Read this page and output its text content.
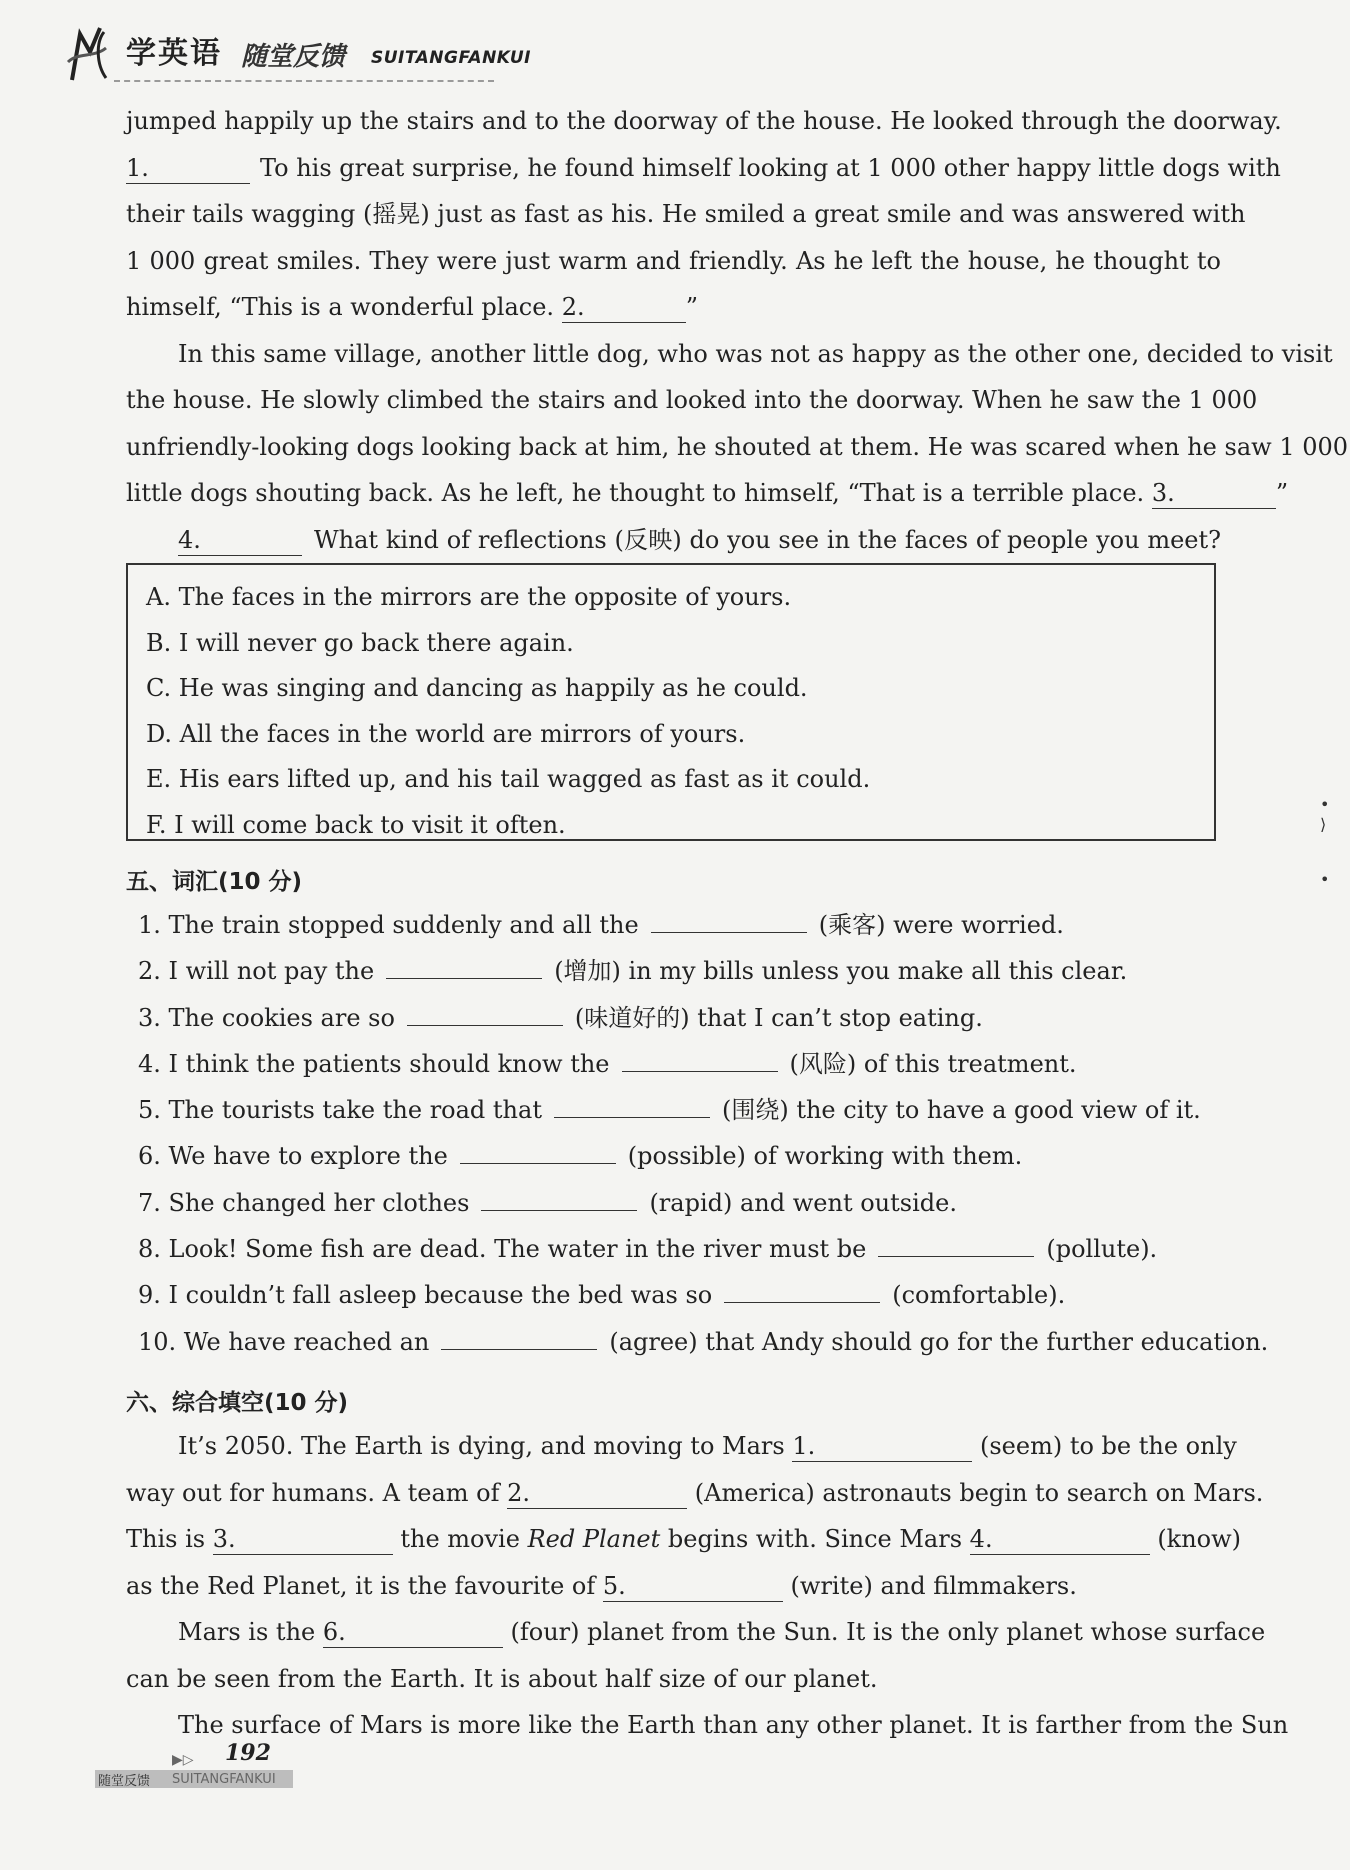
学英语 随堂反馈 SUITANGFANKUI

jumped happily up the stairs and to the doorway of the house. He looked through the doorway.

1.	To his great surprise, he found himself looking at 1 000 other happy little dogs with

their tails wagging (摇晃) just as fast as his. He smiled a great smile and was answered with

1 000 great smiles. They were just warm and friendly. As he left the house, he thought to

himself, “This is a wonderful place. 2.	”

In this same village, another little dog, who was not as happy as the other one, decided to visit

the house. He slowly climbed the stairs and looked into the doorway. When he saw the 1 000

unfriendly-looking dogs looking back at him, he shouted at them. He was scared when he saw 1 000

little dogs shouting back. As he left, he thought to himself, “That is a terrible place. 3.	”

4.	What kind of reflections (反映) do you see in the faces of people you meet?

A. The faces in the mirrors are the opposite of yours.
B. I will never go back there again.
C. He was singing and dancing as happily as he could.
D. All the faces in the world are mirrors of yours.
E. His ears lifted up, and his tail wagged as fast as it could.
F. I will come back to visit it often.
五、词汇(10 分)
1. The train stopped suddenly and all the	(乘客) were worried.
2. I will not pay the	(增加) in my bills unless you make all this clear.
3. The cookies are so	(味道好的) that I can’t stop eating.
4. I think the patients should know the	(风险) of this treatment.
5. The tourists take the road that	(围绕) the city to have a good view of it.
6. We have to explore the	(possible) of working with them.
7. She changed her clothes	(rapid) and went outside.
8. Look! Some fish are dead. The water in the river must be	(pollute).
9. I couldn’t fall asleep because the bed was so	(comfortable).
10. We have reached an	(agree) that Andy should go for the further education.
六、综合填空(10 分)

It’s 2050. The Earth is dying, and moving to Mars 1.	(seem) to be the only

way out for humans. A team of 2.	(America) astronauts begin to search on Mars.

This is 3.	the movie Red Planet begins with. Since Mars 4.	(know)

as the Red Planet, it is the favourite of 5.	(write) and filmmakers.

Mars is the 6.	(four) planet from the Sun. It is the only planet whose surface

can be seen from the Earth. It is about half size of our planet.

The surface of Mars is more like the Earth than any other planet. It is farther from the Sun

▶▷ 192
随堂反馈 SUITANGFANKUI
•
⟩
•
